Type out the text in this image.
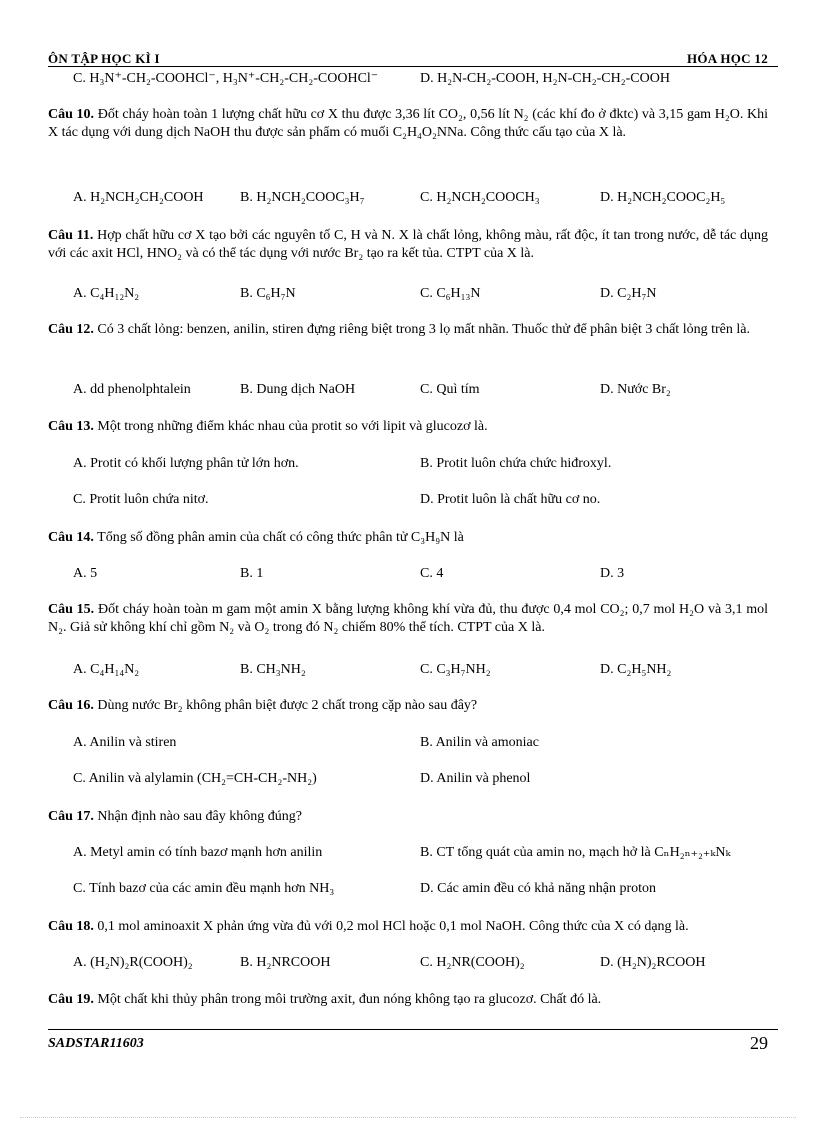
ÔN TẬP HỌC KÌ I	HÓA HỌC 12
C. H₃N⁺-CH₂-COOHCl⁻, H₃N⁺-CH₂-CH₂-COOHCl⁻	D. H₂N-CH₂-COOH, H₂N-CH₂-CH₂-COOH
Câu 10. Đốt cháy hoàn toàn 1 lượng chất hữu cơ X thu được 3,36 lít CO₂, 0,56 lít N₂ (các khí đo ở đktc) và 3,15 gam H₂O. Khi X tác dụng với dung dịch NaOH thu được sản phẩm có muối C₂H₄O₂NNa. Công thức cấu tạo của X là.
A. H₂NCH₂CH₂COOH	B. H₂NCH₂COOC₃H₇	C. H₂NCH₂COOCH₃	D. H₂NCH₂COOC₂H₅
Câu 11. Hợp chất hữu cơ X tạo bởi các nguyên tố C, H và N. X là chất lỏng, không màu, rất độc, ít tan trong nước, dễ tác dụng với các axit HCl, HNO₂ và có thể tác dụng với nước Br₂ tạo ra kết tủa. CTPT của X là.
A. C₄H₁₂N₂	B. C₆H₇N	C. C₆H₁₃N	D. C₂H₇N
Câu 12. Có 3 chất lỏng: benzen, anilin, stiren đựng riêng biệt trong 3 lọ mất nhãn. Thuốc thử để phân biệt 3 chất lỏng trên là.
A. dd phenolphtalein	B. Dung dịch NaOH	C. Quì tím	D. Nước Br₂
Câu 13. Một trong những điểm khác nhau của protit so với lipit và glucozơ là.
A. Protit có khối lượng phân tử lớn hơn.	B. Protit luôn chứa chức hiđroxyl.
C. Protit luôn chứa nitơ.	D. Protit luôn là chất hữu cơ no.
Câu 14. Tổng số đồng phân amin của chất có công thức phân tử C₃H₉N là
A. 5	B. 1	C. 4	D. 3
Câu 15. Đốt cháy hoàn toàn m gam một amin X bằng lượng không khí vừa đủ, thu được 0,4 mol CO₂; 0,7 mol H₂O và 3,1 mol N₂. Giả sử không khí chỉ gồm N₂ và O₂ trong đó N₂ chiếm 80% thể tích. CTPT của X là.
A. C₄H₁₄N₂	B. CH₃NH₂	C. C₃H₇NH₂	D. C₂H₅NH₂
Câu 16. Dùng nước Br₂ không phân biệt được 2 chất trong cặp nào sau đây?
A. Anilin và stiren	B. Anilin và amoniac
C. Anilin và alylamin (CH₂=CH-CH₂-NH₂)	D. Anilin và phenol
Câu 17. Nhận định nào sau đây không đúng?
A. Metyl amin có tính bazơ mạnh hơn anilin	B. CT tổng quát của amin no, mạch hở là CₙH₂ₙ₊₂₊ₖNₖ
C. Tính bazơ của các amin đều mạnh hơn NH₃	D. Các amin đều có khả năng nhận proton
Câu 18. 0,1 mol aminoaxit X phản ứng vừa đủ với 0,2 mol HCl hoặc 0,1 mol NaOH. Công thức của X có dạng là.
A. (H₂N)₂R(COOH)₂	B. H₂NRCOOH	C. H₂NR(COOH)₂	D. (H₂N)₂RCOOH
Câu 19. Một chất khi thủy phân trong môi trường axit, đun nóng không tạo ra glucozơ. Chất đó là.
SADSTAR11603	29
